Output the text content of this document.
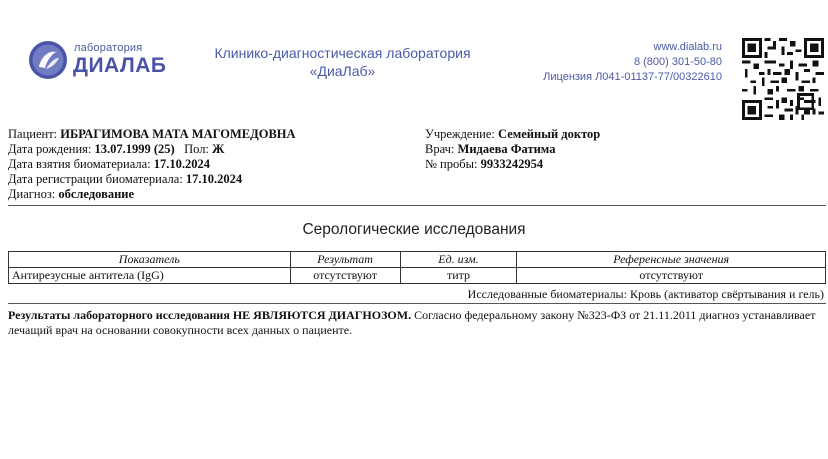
лаборатория
ДИАЛАБ
Клинико-диагностическая лаборатория
«ДиаЛаб»
www.dialab.ru
8 (800) 301-50-80
Лицензия Л041-01137-77/00322610
Пациент: ИБРАГИМОВА МАТА МАГОМЕДОВНА
Дата рождения: 13.07.1999 (25) Пол: Ж
Дата взятия биоматериала: 17.10.2024
Дата регистрации биоматериала: 17.10.2024
Диагноз: обследование
Учреждение: Семейный доктор
Врач: Мидаева Фатима
№ пробы: 9933242954
Серологические исследования
Показатель	Результат	Ед. изм.	Референсные значения
Антирезусные антитела (IgG)	отсутствуют	титр	отсутствуют
Исследованные биоматериалы: Кровь (активатор свёртывания и гель)
Результаты лабораторного исследования НЕ ЯВЛЯЮТСЯ ДИАГНОЗОМ. Согласно федеральному закону №323-ФЗ от 21.11.2011 диагноз устанавливает лечащий врач на основании совокупности всех данных о пациенте.
